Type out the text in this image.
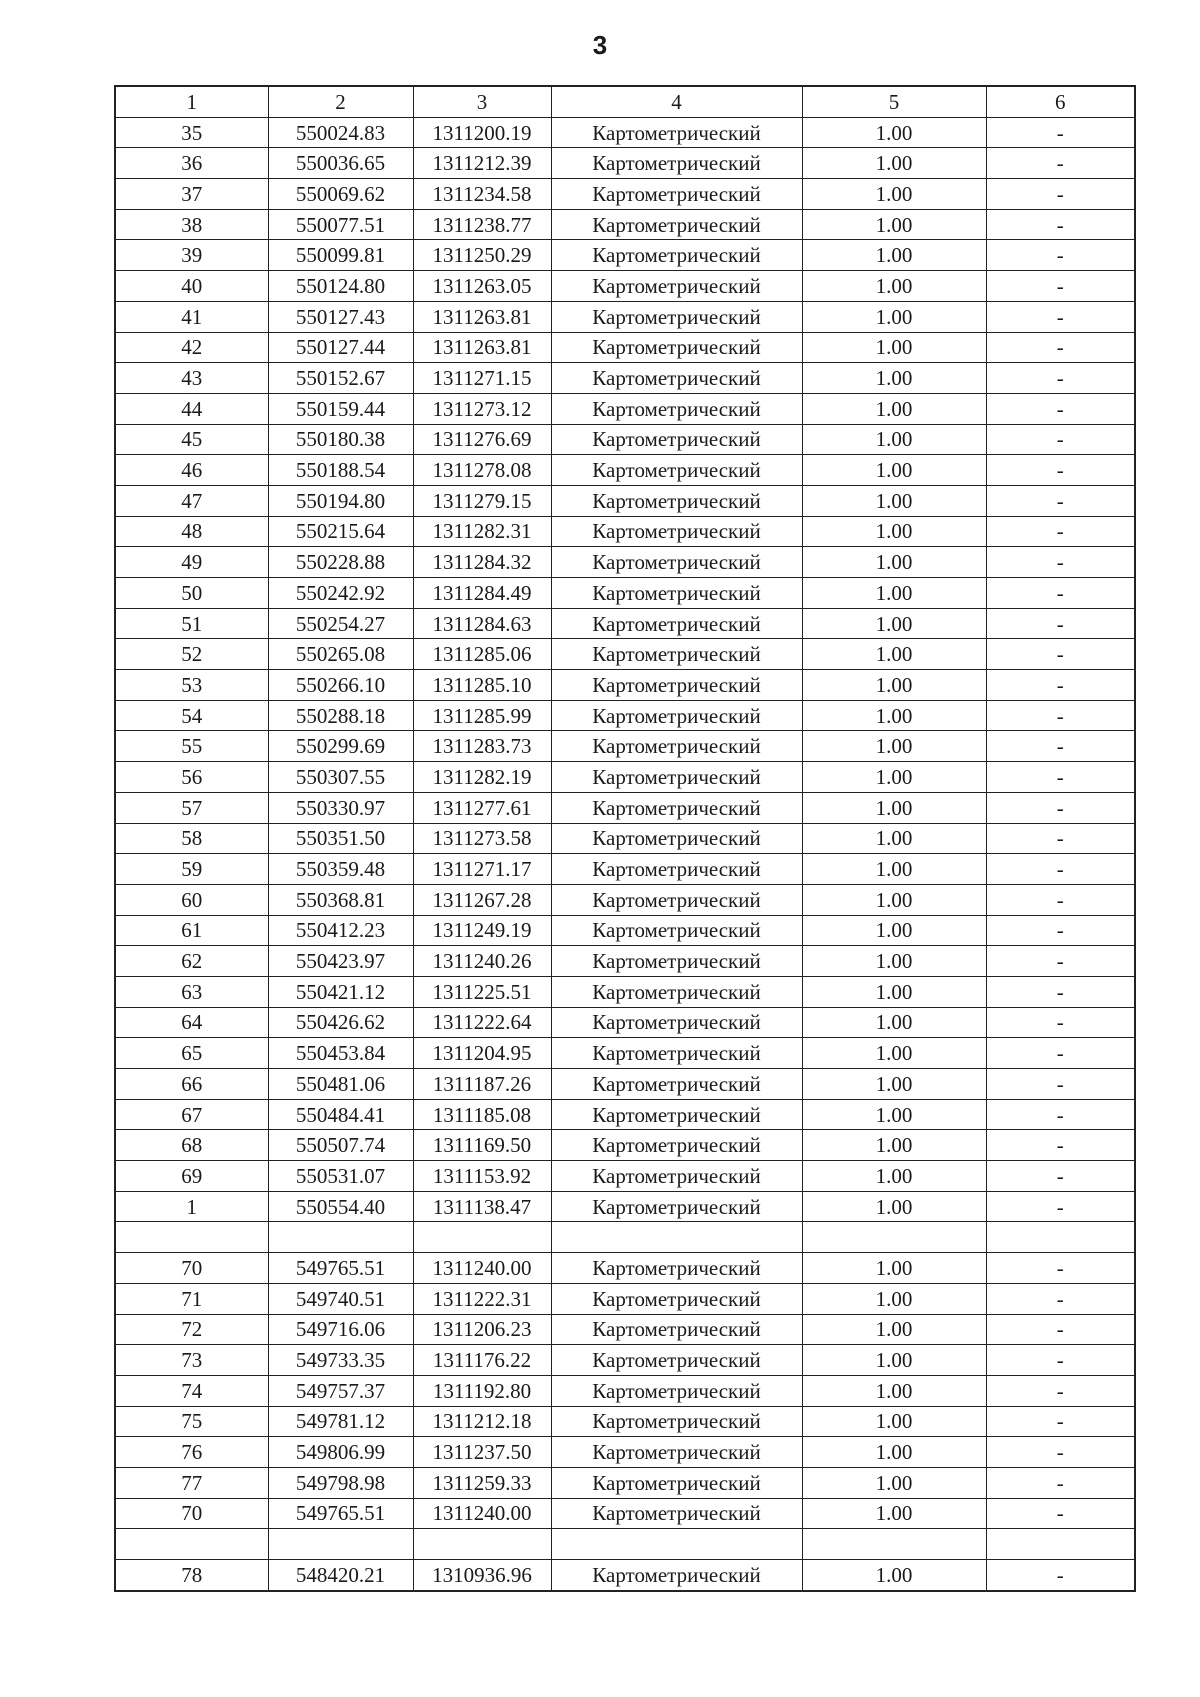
3
1	2	3	4	5	6
35	550024.83	1311200.19	Картометрический	1.00	-
36	550036.65	1311212.39	Картометрический	1.00	-
37	550069.62	1311234.58	Картометрический	1.00	-
38	550077.51	1311238.77	Картометрический	1.00	-
39	550099.81	1311250.29	Картометрический	1.00	-
40	550124.80	1311263.05	Картометрический	1.00	-
41	550127.43	1311263.81	Картометрический	1.00	-
42	550127.44	1311263.81	Картометрический	1.00	-
43	550152.67	1311271.15	Картометрический	1.00	-
44	550159.44	1311273.12	Картометрический	1.00	-
45	550180.38	1311276.69	Картометрический	1.00	-
46	550188.54	1311278.08	Картометрический	1.00	-
47	550194.80	1311279.15	Картометрический	1.00	-
48	550215.64	1311282.31	Картометрический	1.00	-
49	550228.88	1311284.32	Картометрический	1.00	-
50	550242.92	1311284.49	Картометрический	1.00	-
51	550254.27	1311284.63	Картометрический	1.00	-
52	550265.08	1311285.06	Картометрический	1.00	-
53	550266.10	1311285.10	Картометрический	1.00	-
54	550288.18	1311285.99	Картометрический	1.00	-
55	550299.69	1311283.73	Картометрический	1.00	-
56	550307.55	1311282.19	Картометрический	1.00	-
57	550330.97	1311277.61	Картометрический	1.00	-
58	550351.50	1311273.58	Картометрический	1.00	-
59	550359.48	1311271.17	Картометрический	1.00	-
60	550368.81	1311267.28	Картометрический	1.00	-
61	550412.23	1311249.19	Картометрический	1.00	-
62	550423.97	1311240.26	Картометрический	1.00	-
63	550421.12	1311225.51	Картометрический	1.00	-
64	550426.62	1311222.64	Картометрический	1.00	-
65	550453.84	1311204.95	Картометрический	1.00	-
66	550481.06	1311187.26	Картометрический	1.00	-
67	550484.41	1311185.08	Картометрический	1.00	-
68	550507.74	1311169.50	Картометрический	1.00	-
69	550531.07	1311153.92	Картометрический	1.00	-
1	550554.40	1311138.47	Картометрический	1.00	-

70	549765.51	1311240.00	Картометрический	1.00	-
71	549740.51	1311222.31	Картометрический	1.00	-
72	549716.06	1311206.23	Картометрический	1.00	-
73	549733.35	1311176.22	Картометрический	1.00	-
74	549757.37	1311192.80	Картометрический	1.00	-
75	549781.12	1311212.18	Картометрический	1.00	-
76	549806.99	1311237.50	Картометрический	1.00	-
77	549798.98	1311259.33	Картометрический	1.00	-
70	549765.51	1311240.00	Картометрический	1.00	-

78	548420.21	1310936.96	Картометрический	1.00	-
